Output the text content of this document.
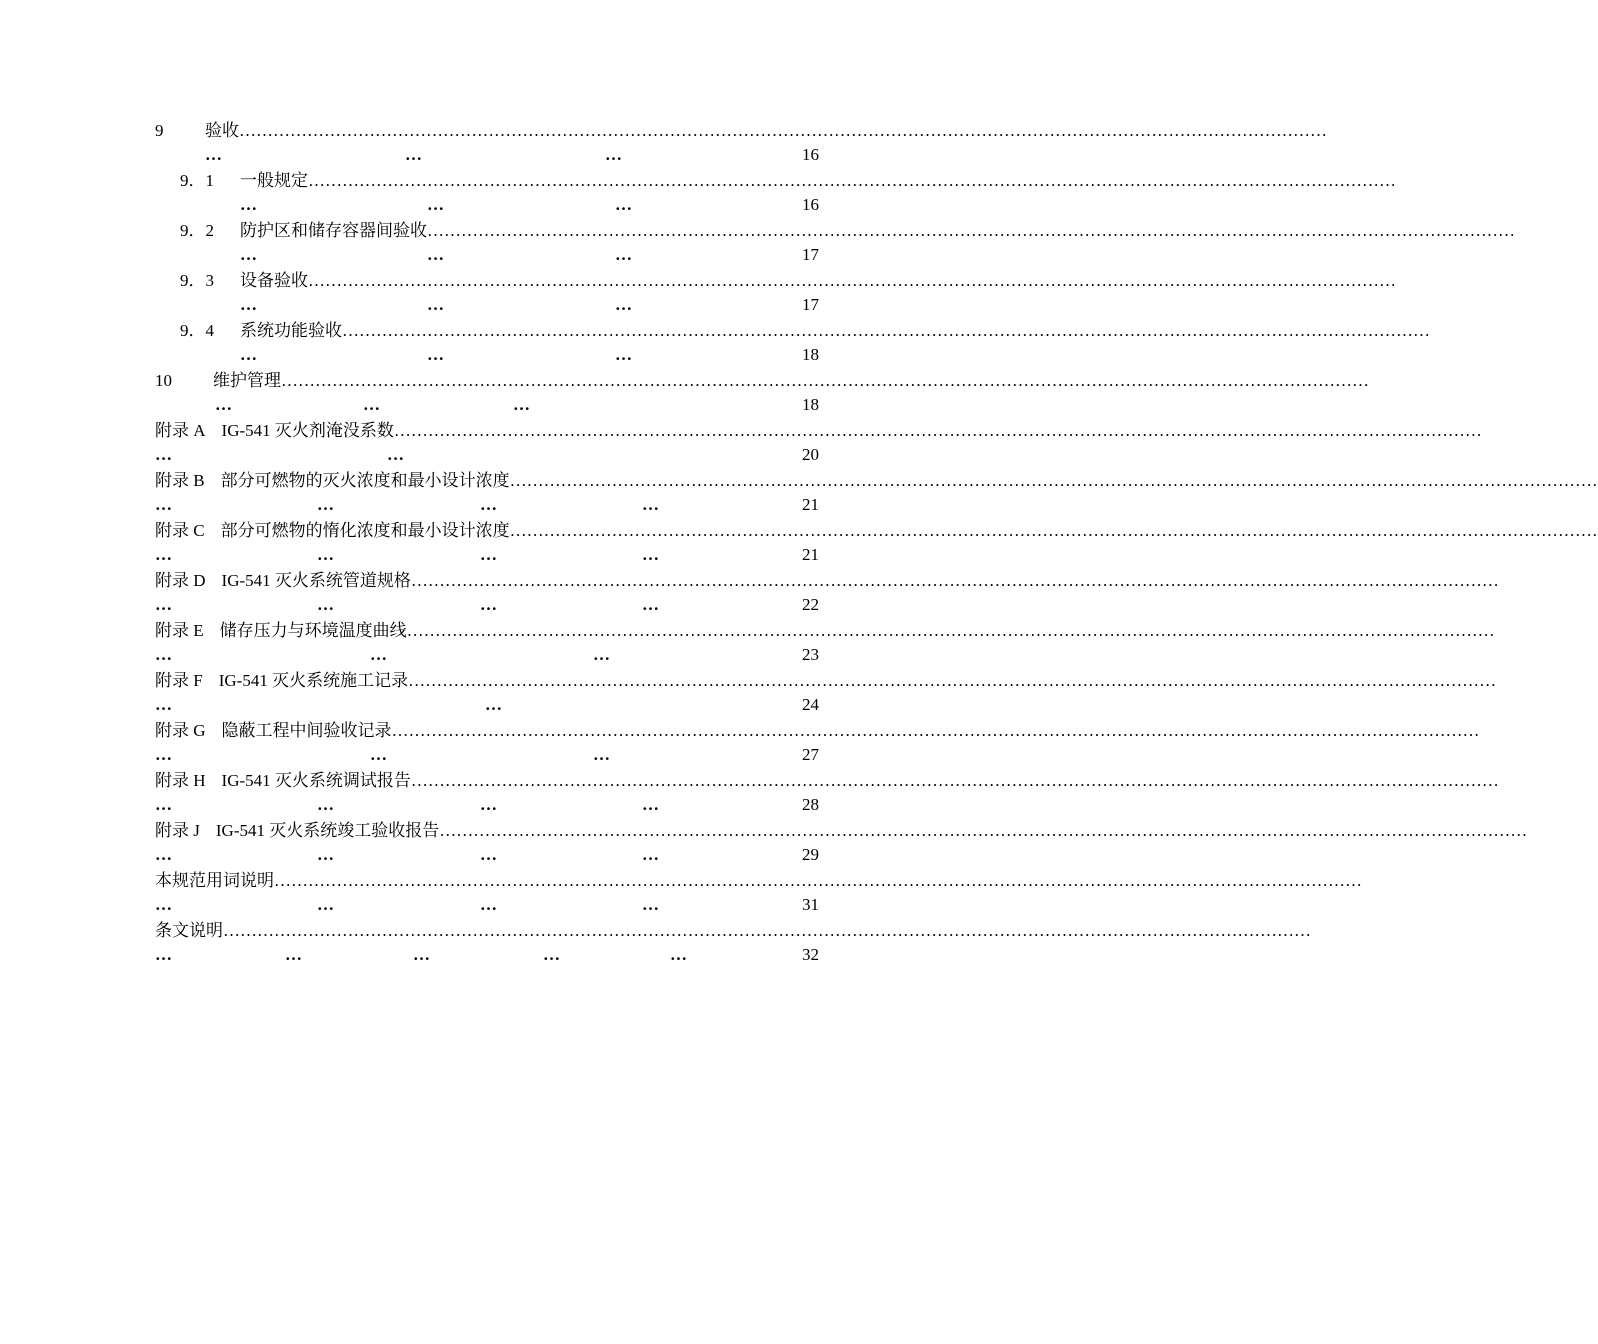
9 验收…………………………………………………………………………………………………………………………………………………………………………
…	…	…	16
9．1 一般规定…………………………………………………………………………………………………………………………………………………………………………
…	…	…	16
9．2 防护区和储存容器间验收…………………………………………………………………………………………………………………………………………………………………………
…	…	…	17
9．3 设备验收…………………………………………………………………………………………………………………………………………………………………………
…	…	…	17
9．4 系统功能验收…………………………………………………………………………………………………………………………………………………………………………
…	…	…	18
10 维护管理…………………………………………………………………………………………………………………………………………………………………………
…	…	…	18
附录 A IG-541 灭火剂淹没系数…………………………………………………………………………………………………………………………………………………………………………
…	…	20
附录 B 部分可燃物的灭火浓度和最小设计浓度…………………………………………………………………………………………………………………………………………………………………………
…	…	…	…	21
附录 C 部分可燃物的惰化浓度和最小设计浓度…………………………………………………………………………………………………………………………………………………………………………
…	…	…	…	21
附录 D IG-541 灭火系统管道规格…………………………………………………………………………………………………………………………………………………………………………
…	…	…	…	22
附录 E 储存压力与环境温度曲线…………………………………………………………………………………………………………………………………………………………………………
…	…	…	23
附录 F IG-541 灭火系统施工记录…………………………………………………………………………………………………………………………………………………………………………
…	…	24
附录 G 隐蔽工程中间验收记录…………………………………………………………………………………………………………………………………………………………………………
…	…	…	27
附录 H IG-541 灭火系统调试报告…………………………………………………………………………………………………………………………………………………………………………
…	…	…	…	28
附录 J IG-541 灭火系统竣工验收报告…………………………………………………………………………………………………………………………………………………………………………
…	…	…	…	29
本规范用词说明…………………………………………………………………………………………………………………………………………………………………………
…	…	…	…	31
条文说明…………………………………………………………………………………………………………………………………………………………………………
…	…	…	…	…	32
